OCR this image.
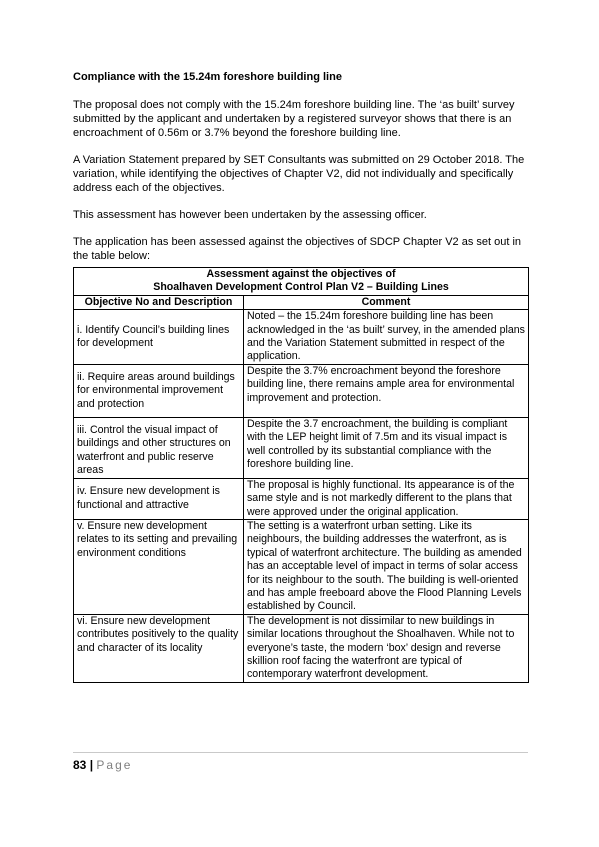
Compliance with the 15.24m foreshore building line

The proposal does not comply with the 15.24m foreshore building line. The ‘as built’ survey submitted by the applicant and undertaken by a registered surveyor shows that there is an encroachment of 0.56m or 3.7% beyond the foreshore building line.

A Variation Statement prepared by SET Consultants was submitted on 29 October 2018. The variation, while identifying the objectives of Chapter V2, did not individually and specifically address each of the objectives.

This assessment has however been undertaken by the assessing officer.

The application has been assessed against the objectives of SDCP Chapter V2 as set out in the table below:

Assessment against the objectives of
Shoalhaven Development Control Plan V2 – Building Lines	

Objective No and Description	Comment
i. Identify Council’s building lines for development	Noted – the 15.24m foreshore building line has been acknowledged in the ‘as built’ survey, in the amended plans and the Variation Statement submitted in respect of the application.
ii. Require areas around buildings for environmental improvement and protection	Despite the 3.7% encroachment beyond the foreshore building line, there remains ample area for environmental improvement and protection.
iii. Control the visual impact of buildings and other structures on waterfront and public reserve areas	Despite the 3.7 encroachment, the building is compliant with the LEP height limit of 7.5m and its visual impact is well controlled by its substantial compliance with the foreshore building line.
iv. Ensure new development is functional and attractive	The proposal is highly functional. Its appearance is of the same style and is not markedly different to the plans that were approved under the original application.
v. Ensure new development relates to its setting and prevailing environment conditions	The setting is a waterfront urban setting. Like its neighbours, the building addresses the waterfront, as is typical of waterfront architecture. The building as amended has an acceptable level of impact in terms of solar access for its neighbour to the south. The building is well-oriented and has ample freeboard above the Flood Planning Levels established by Council.
vi. Ensure new development contributes positively to the quality and character of its locality	The development is not dissimilar to new buildings in similar locations throughout the Shoalhaven. While not to everyone’s taste, the modern ‘box’ design and reverse skillion roof facing the waterfront are typical of contemporary waterfront development.
83 | Page
